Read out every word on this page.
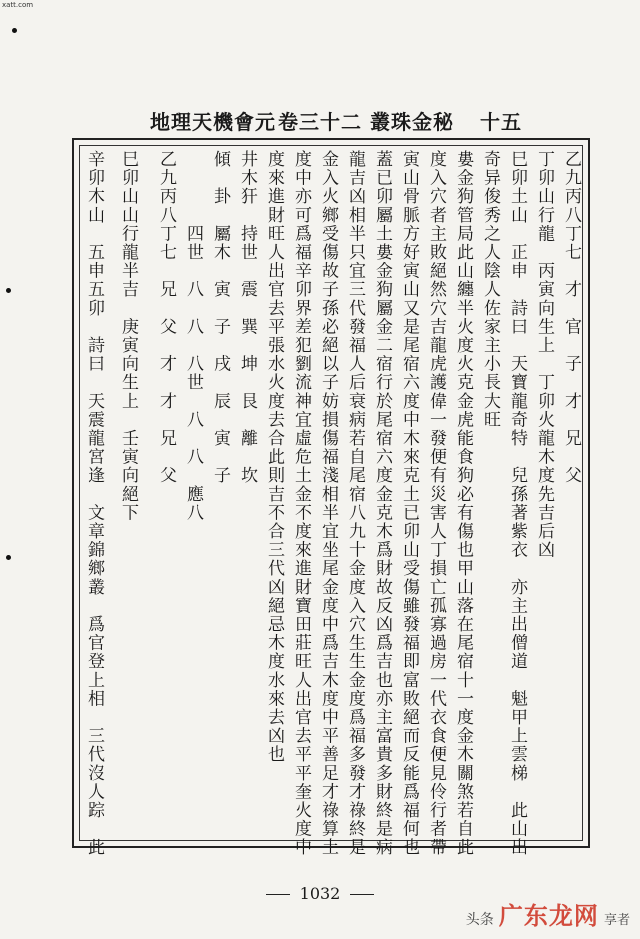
xatt.com
地理天機會元 卷三十二 叢珠金秘 十五
乙九丙八丁七　才　官　子　才　兄　父
丁卯山行龍　丙寅向生上　丁卯火龍木度先吉后凶
巳卯土山　正申　詩曰　天寶龍奇特　兒孫著紫衣　亦主出僧道　魁甲上雲梯　此山出
奇异俊秀之人陰人佐家主小長大旺
婁金狗管局此山纏半火度火克金虎能食狗必有傷也甲山落在尾宿十一度金木關煞若自此
度入穴者主敗絕然穴吉龍虎護偉一發便有災害人丁損亡孤寡過房一代衣食便見伶行者帶
寅山骨脈方好寅山又是尾宿六度中木來克土已卯山受傷雖發福即富敗絕而反能爲福何也
蓋已卯屬土婁金狗屬金二宿行於尾宿六度金克木爲財故反凶爲吉也亦主富貴多財終是病
龍吉凶相半只宜三代發福人后衰病若自尾宿八九十金度入穴生生金度爲福多發才祿終是
金入火鄉受傷故子孫必絕以子妨損傷福淺相半宜坐尾金度中爲吉木度中平善足才祿算土
度中亦可爲福辛卯界差犯劉流神宜虛危土金不度來進財寶田莊旺人出官去平平奎火度中
度來進財旺人出官去平張水火度去合此則吉不合三代凶絕忌木度水來去凶也
井木犴　持世　震　巽　坤　艮　離　坎
傾　卦　屬木　寅　子　戌　辰　寅　子
　　　　四世　八　八　八世　八　八　應八
乙九丙八丁七　兄　父　才　才　兄　父
巳卯山山行龍半吉　庚寅向生上　壬寅向絕下
辛卯木山　五申五卯　詩曰　天震龍宮逢　文章錦鄉叢　爲官登上相　三代沒人踪　此
1032
头条 广东龙网 享者
